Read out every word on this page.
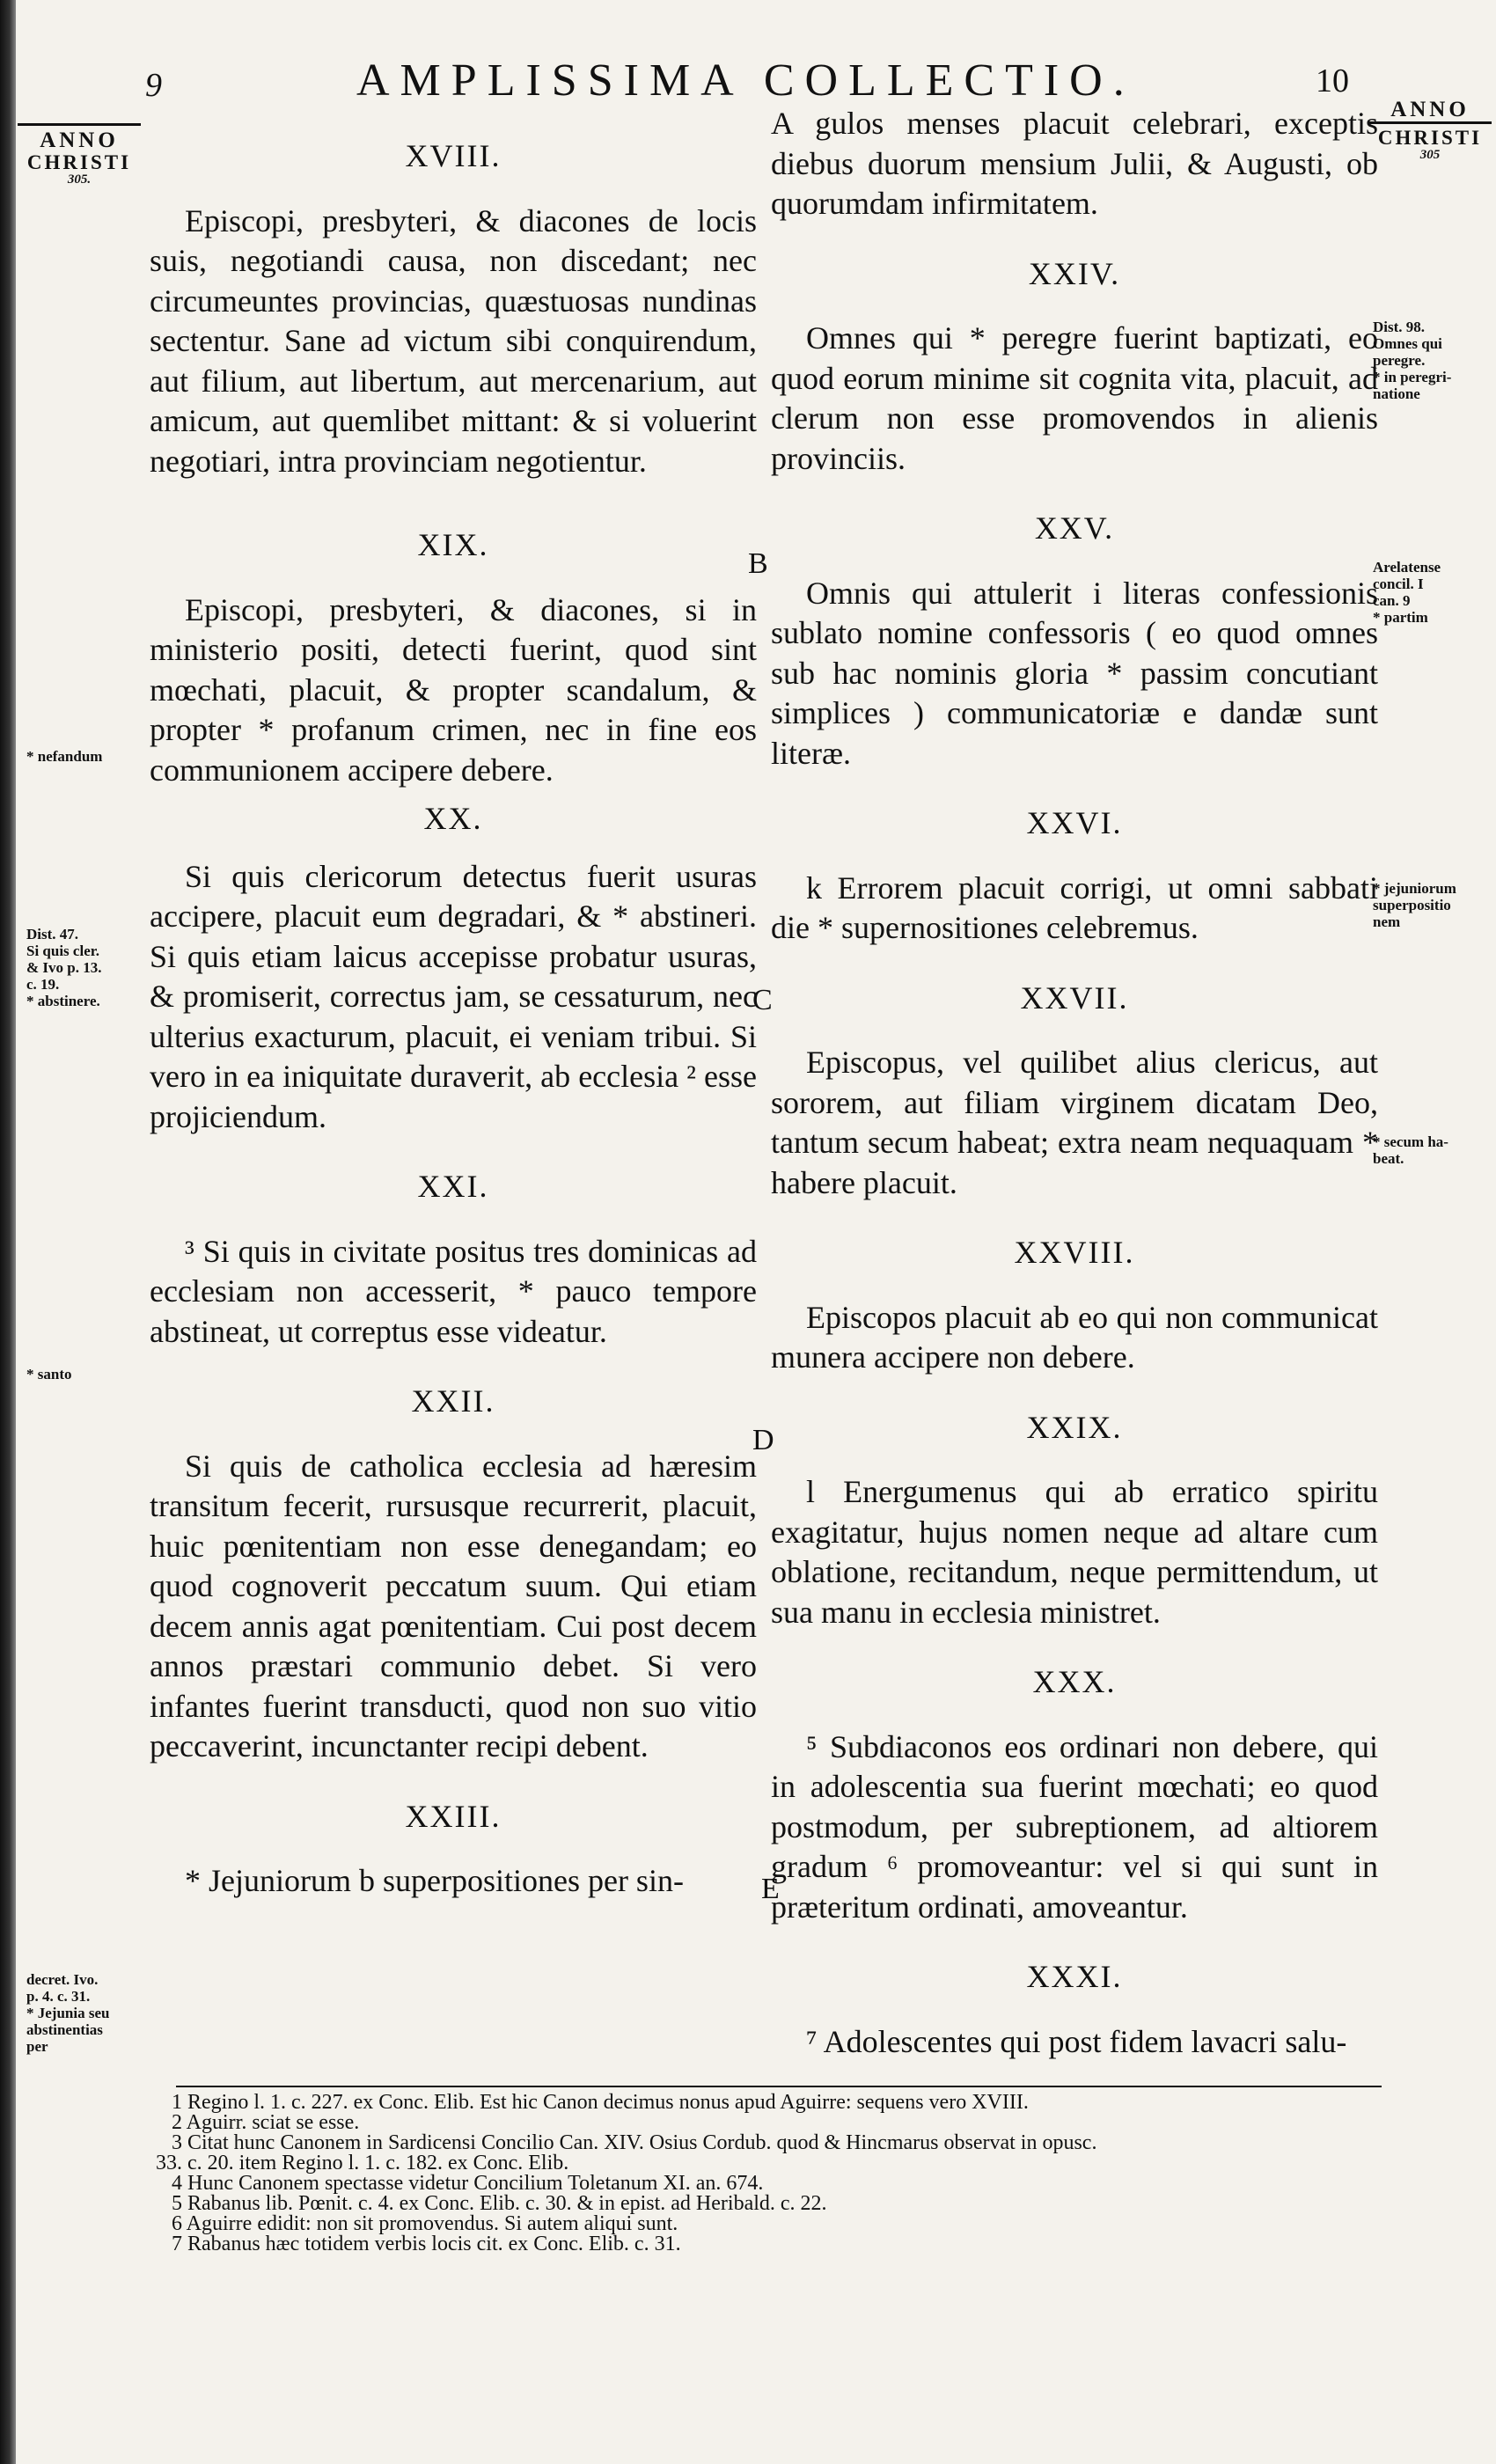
9	AMPLISSIMA COLLECTIO.	10
ANNO
CHRISTI
305.
ANNO
CHRISTI
305
XVIII.

Episcopi, presbyteri, & diacones de locis suis, negotiandi causa, non discedant; nec circumeuntes provincias, quæstuosas nundinas sectentur. Sane ad victum sibi conquirendum, aut filium, aut libertum, aut mercenarium, aut amicum, aut quemlibet mittant: & si voluerint negotiari, intra provinciam negotientur.

XIX.

Episcopi, presbyteri, & diacones, si in ministerio positi, detecti fuerint, quod sint mœchati, placuit, & propter scandalum, & propter * profanum crimen, nec in fine eos communionem accipere debere.

XX.

Si quis clericorum detectus fuerit usuras accipere, placuit eum degradari, & * abstineri. Si quis etiam laicus accepisse probatur usuras, & promiserit, correctus jam, se cessaturum, nec ulterius exacturum, placuit, ei veniam tribui. Si vero in ea iniquitate duraverit, ab ecclesia ² esse projiciendum.

XXI.

³ Si quis in civitate positus tres dominicas ad ecclesiam non accesserit, * pauco tempore abstineat, ut correptus esse videatur.

XXII.

Si quis de catholica ecclesia ad hæresim transitum fecerit, rursusque recurrerit, placuit, huic pœnitentiam non esse denegandam; eo quod cognoverit peccatum suum. Qui etiam decem annis agat pœnitentiam. Cui post decem annos præstari communio debet. Si vero infantes fuerint transducti, quod non suo vitio peccaverint, incunctanter recipi debent.

XXIII.

* Jejuniorum b superpositiones per sin-

A gulos menses placuit celebrari, exceptis diebus duorum mensium Julii, & Augusti, ob quorumdam infirmitatem.

XXIV.

Omnes qui * peregre fuerint baptizati, eo quod eorum minime sit cognita vita, placuit, ad clerum non esse promovendos in alienis provinciis.

XXV.

Omnis qui attulerit i literas confessionis sublato nomine confessoris ( eo quod omnes sub hac nominis gloria * passim concutiant simplices ) communicatoriæ e dandæ sunt literæ.

XXVI.

k Errorem placuit corrigi, ut omni sabbati die * supernositiones celebremus.

XXVII.

Episcopus, vel quilibet alius clericus, aut sororem, aut filiam virginem dicatam Deo, tantum secum habeat; extra neam nequaquam * habere placuit.

XXVIII.

Episcopos placuit ab eo qui non communicat munera accipere non debere.

XXIX.

l Energumenus qui ab erratico spiritu exagitatur, hujus nomen neque ad altare cum oblatione, recitandum, neque permittendum, ut sua manu in ecclesia ministret.

XXX.

⁵ Subdiaconos eos ordinari non debere, qui in adolescentia sua fuerint mœchati; eo quod postmodum, per subreptionem, ad altiorem gradum ⁶ promoveantur: vel si qui sunt in præteritum ordinati, amoveantur.

XXXI.

⁷ Adolescentes qui post fidem lavacri salu-

B
C
D
E
* nefandum
Dist. 47.
Si quis cler.
& Ivo p. 13.
c. 19.
* abstinere.
* santo
decret. Ivo.
p. 4. c. 31.
* Jejunia seu
abstinentias
per
Dist. 98.
Omnes qui
peregre.
* in peregri-
natione
Arelatense
concil. I
can. 9
* partim
* jejuniorum
superpositio
nem
* secum ha-
beat.
1 Regino l. 1. c. 227. ex Conc. Elib. Est hic Canon decimus nonus apud Aguirre: sequens vero XVIII.
2 Aguirr. sciat se esse.
3 Citat hunc Canonem in Sardicensi Concilio Can. XIV. Osius Cordub. quod & Hincmarus observat in opusc.
33. c. 20. item Regino l. 1. c. 182. ex Conc. Elib.
4 Hunc Canonem spectasse videtur Concilium Toletanum XI. an. 674.
5 Rabanus lib. Pœnit. c. 4. ex Conc. Elib. c. 30. & in epist. ad Heribald. c. 22.
6 Aguirre edidit: non sit promovendus. Si autem aliqui sunt.
7 Rabanus hæc totidem verbis locis cit. ex Conc. Elib. c. 31.
